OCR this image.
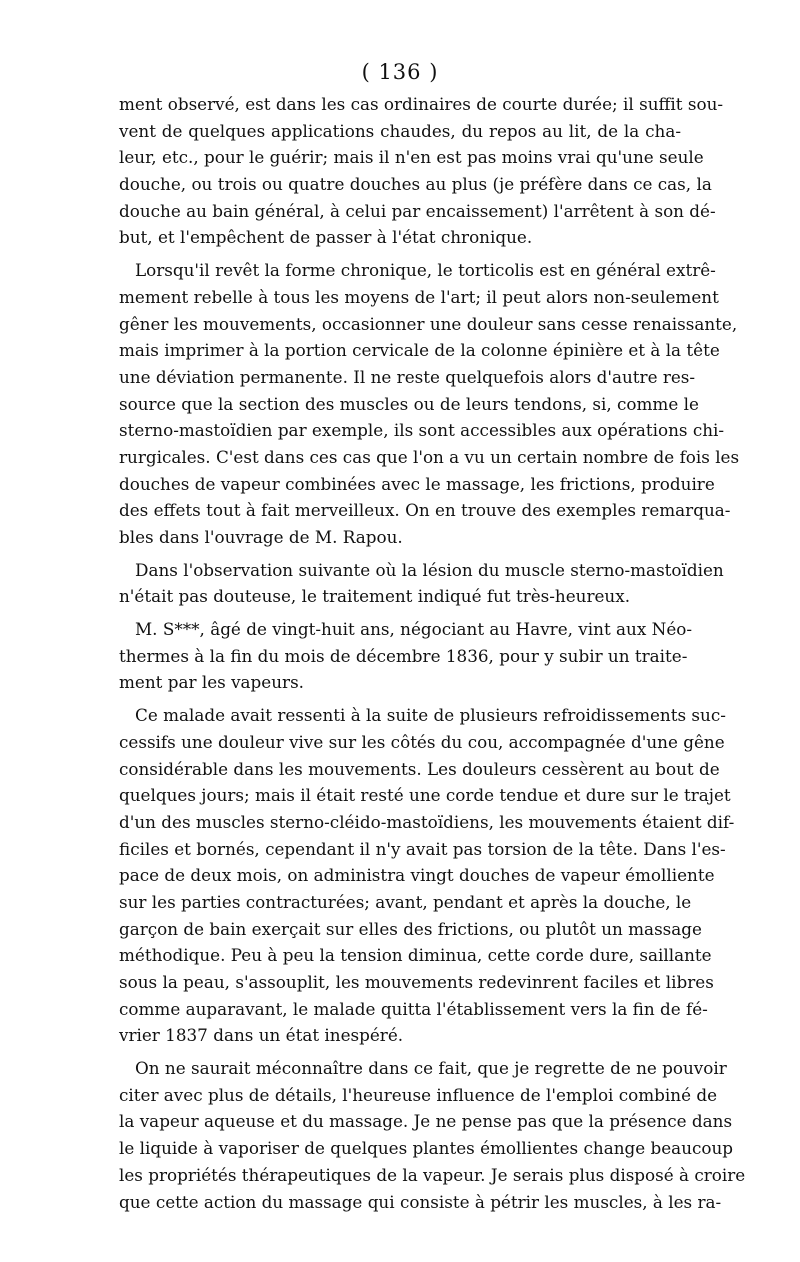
( 136 )
ment observé, est dans les cas ordinaires de courte durée; il suffit sou-
vent de quelques applications chaudes, du repos au lit, de la cha-
leur, etc., pour le guérir; mais il n'en est pas moins vrai qu'une seule
douche, ou trois ou quatre douches au plus (je préfère dans ce cas, la
douche au bain général, à celui par encaissement) l'arrêtent à son dé-
but, et l'empêchent de passer à l'état chronique.
Lorsqu'il revêt la forme chronique, le torticolis est en général extrê-
mement rebelle à tous les moyens de l'art; il peut alors non-seulement
gêner les mouvements, occasionner une douleur sans cesse renaissante,
mais imprimer à la portion cervicale de la colonne épinière et à la tête
une déviation permanente. Il ne reste quelquefois alors d'autre res-
source que la section des muscles ou de leurs tendons, si, comme le
sterno-mastoïdien par exemple, ils sont accessibles aux opérations chi-
rurgicales. C'est dans ces cas que l'on a vu un certain nombre de fois les
douches de vapeur combinées avec le massage, les frictions, produire
des effets tout à fait merveilleux. On en trouve des exemples remarqua-
bles dans l'ouvrage de M. Rapou.
Dans l'observation suivante où la lésion du muscle sterno-mastoïdien
n'était pas douteuse, le traitement indiqué fut très-heureux.
M. S***, âgé de vingt-huit ans, négociant au Havre, vint aux Néo-
thermes à la fin du mois de décembre 1836, pour y subir un traite-
ment par les vapeurs.
Ce malade avait ressenti à la suite de plusieurs refroidissements suc-
cessifs une douleur vive sur les côtés du cou, accompagnée d'une gêne
considérable dans les mouvements. Les douleurs cessèrent au bout de
quelques jours; mais il était resté une corde tendue et dure sur le trajet
d'un des muscles sterno-cléido-mastoïdiens, les mouvements étaient dif-
ficiles et bornés, cependant il n'y avait pas torsion de la tête. Dans l'es-
pace de deux mois, on administra vingt douches de vapeur émolliente
sur les parties contracturées; avant, pendant et après la douche, le
garçon de bain exerçait sur elles des frictions, ou plutôt un massage
méthodique. Peu à peu la tension diminua, cette corde dure, saillante
sous la peau, s'assouplit, les mouvements redevinrent faciles et libres
comme auparavant, le malade quitta l'établissement vers la fin de fé-
vrier 1837 dans un état inespéré.
On ne saurait méconnaître dans ce fait, que je regrette de ne pouvoir
citer avec plus de détails, l'heureuse influence de l'emploi combiné de
la vapeur aqueuse et du massage. Je ne pense pas que la présence dans
le liquide à vaporiser de quelques plantes émollientes change beaucoup
les propriétés thérapeutiques de la vapeur. Je serais plus disposé à croire
que cette action du massage qui consiste à pétrir les muscles, à les ra-
